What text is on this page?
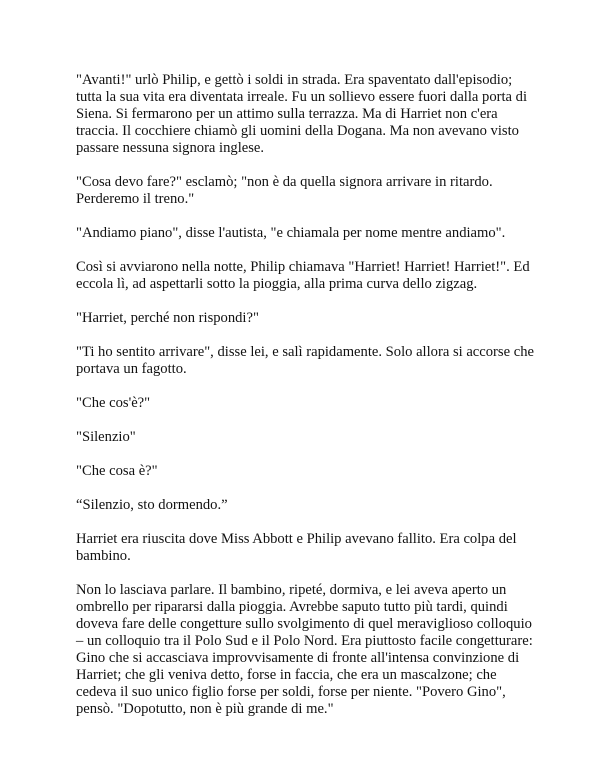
"Avanti!" urlò Philip, e gettò i soldi in strada. Era spaventato dall'episodio; tutta la sua vita era diventata irreale. Fu un sollievo essere fuori dalla porta di Siena. Si fermarono per un attimo sulla terrazza. Ma di Harriet non c'era traccia. Il cocchiere chiamò gli uomini della Dogana. Ma non avevano visto passare nessuna signora inglese.

"Cosa devo fare?" esclamò; "non è da quella signora arrivare in ritardo. Perderemo il treno."

"Andiamo piano", disse l'autista, "e chiamala per nome mentre andiamo".

Così si avviarono nella notte, Philip chiamava "Harriet! Harriet! Harriet!". Ed eccola lì, ad aspettarli sotto la pioggia, alla prima curva dello zigzag.

"Harriet, perché non rispondi?"

"Ti ho sentito arrivare", disse lei, e salì rapidamente. Solo allora si accorse che portava un fagotto.

"Che cos'è?"

"Silenzio"

"Che cosa è?"

“Silenzio, sto dormendo.”

Harriet era riuscita dove Miss Abbott e Philip avevano fallito. Era colpa del bambino.

Non lo lasciava parlare. Il bambino, ripeté, dormiva, e lei aveva aperto un ombrello per ripararsi dalla pioggia. Avrebbe saputo tutto più tardi, quindi doveva fare delle congetture sullo svolgimento di quel meraviglioso colloquio – un colloquio tra il Polo Sud e il Polo Nord. Era piuttosto facile congetturare: Gino che si accasciava improvvisamente di fronte all'intensa convinzione di Harriet; che gli veniva detto, forse in faccia, che era un mascalzone; che cedeva il suo unico figlio forse per soldi, forse per niente. "Povero Gino", pensò. "Dopotutto, non è più grande di me."
